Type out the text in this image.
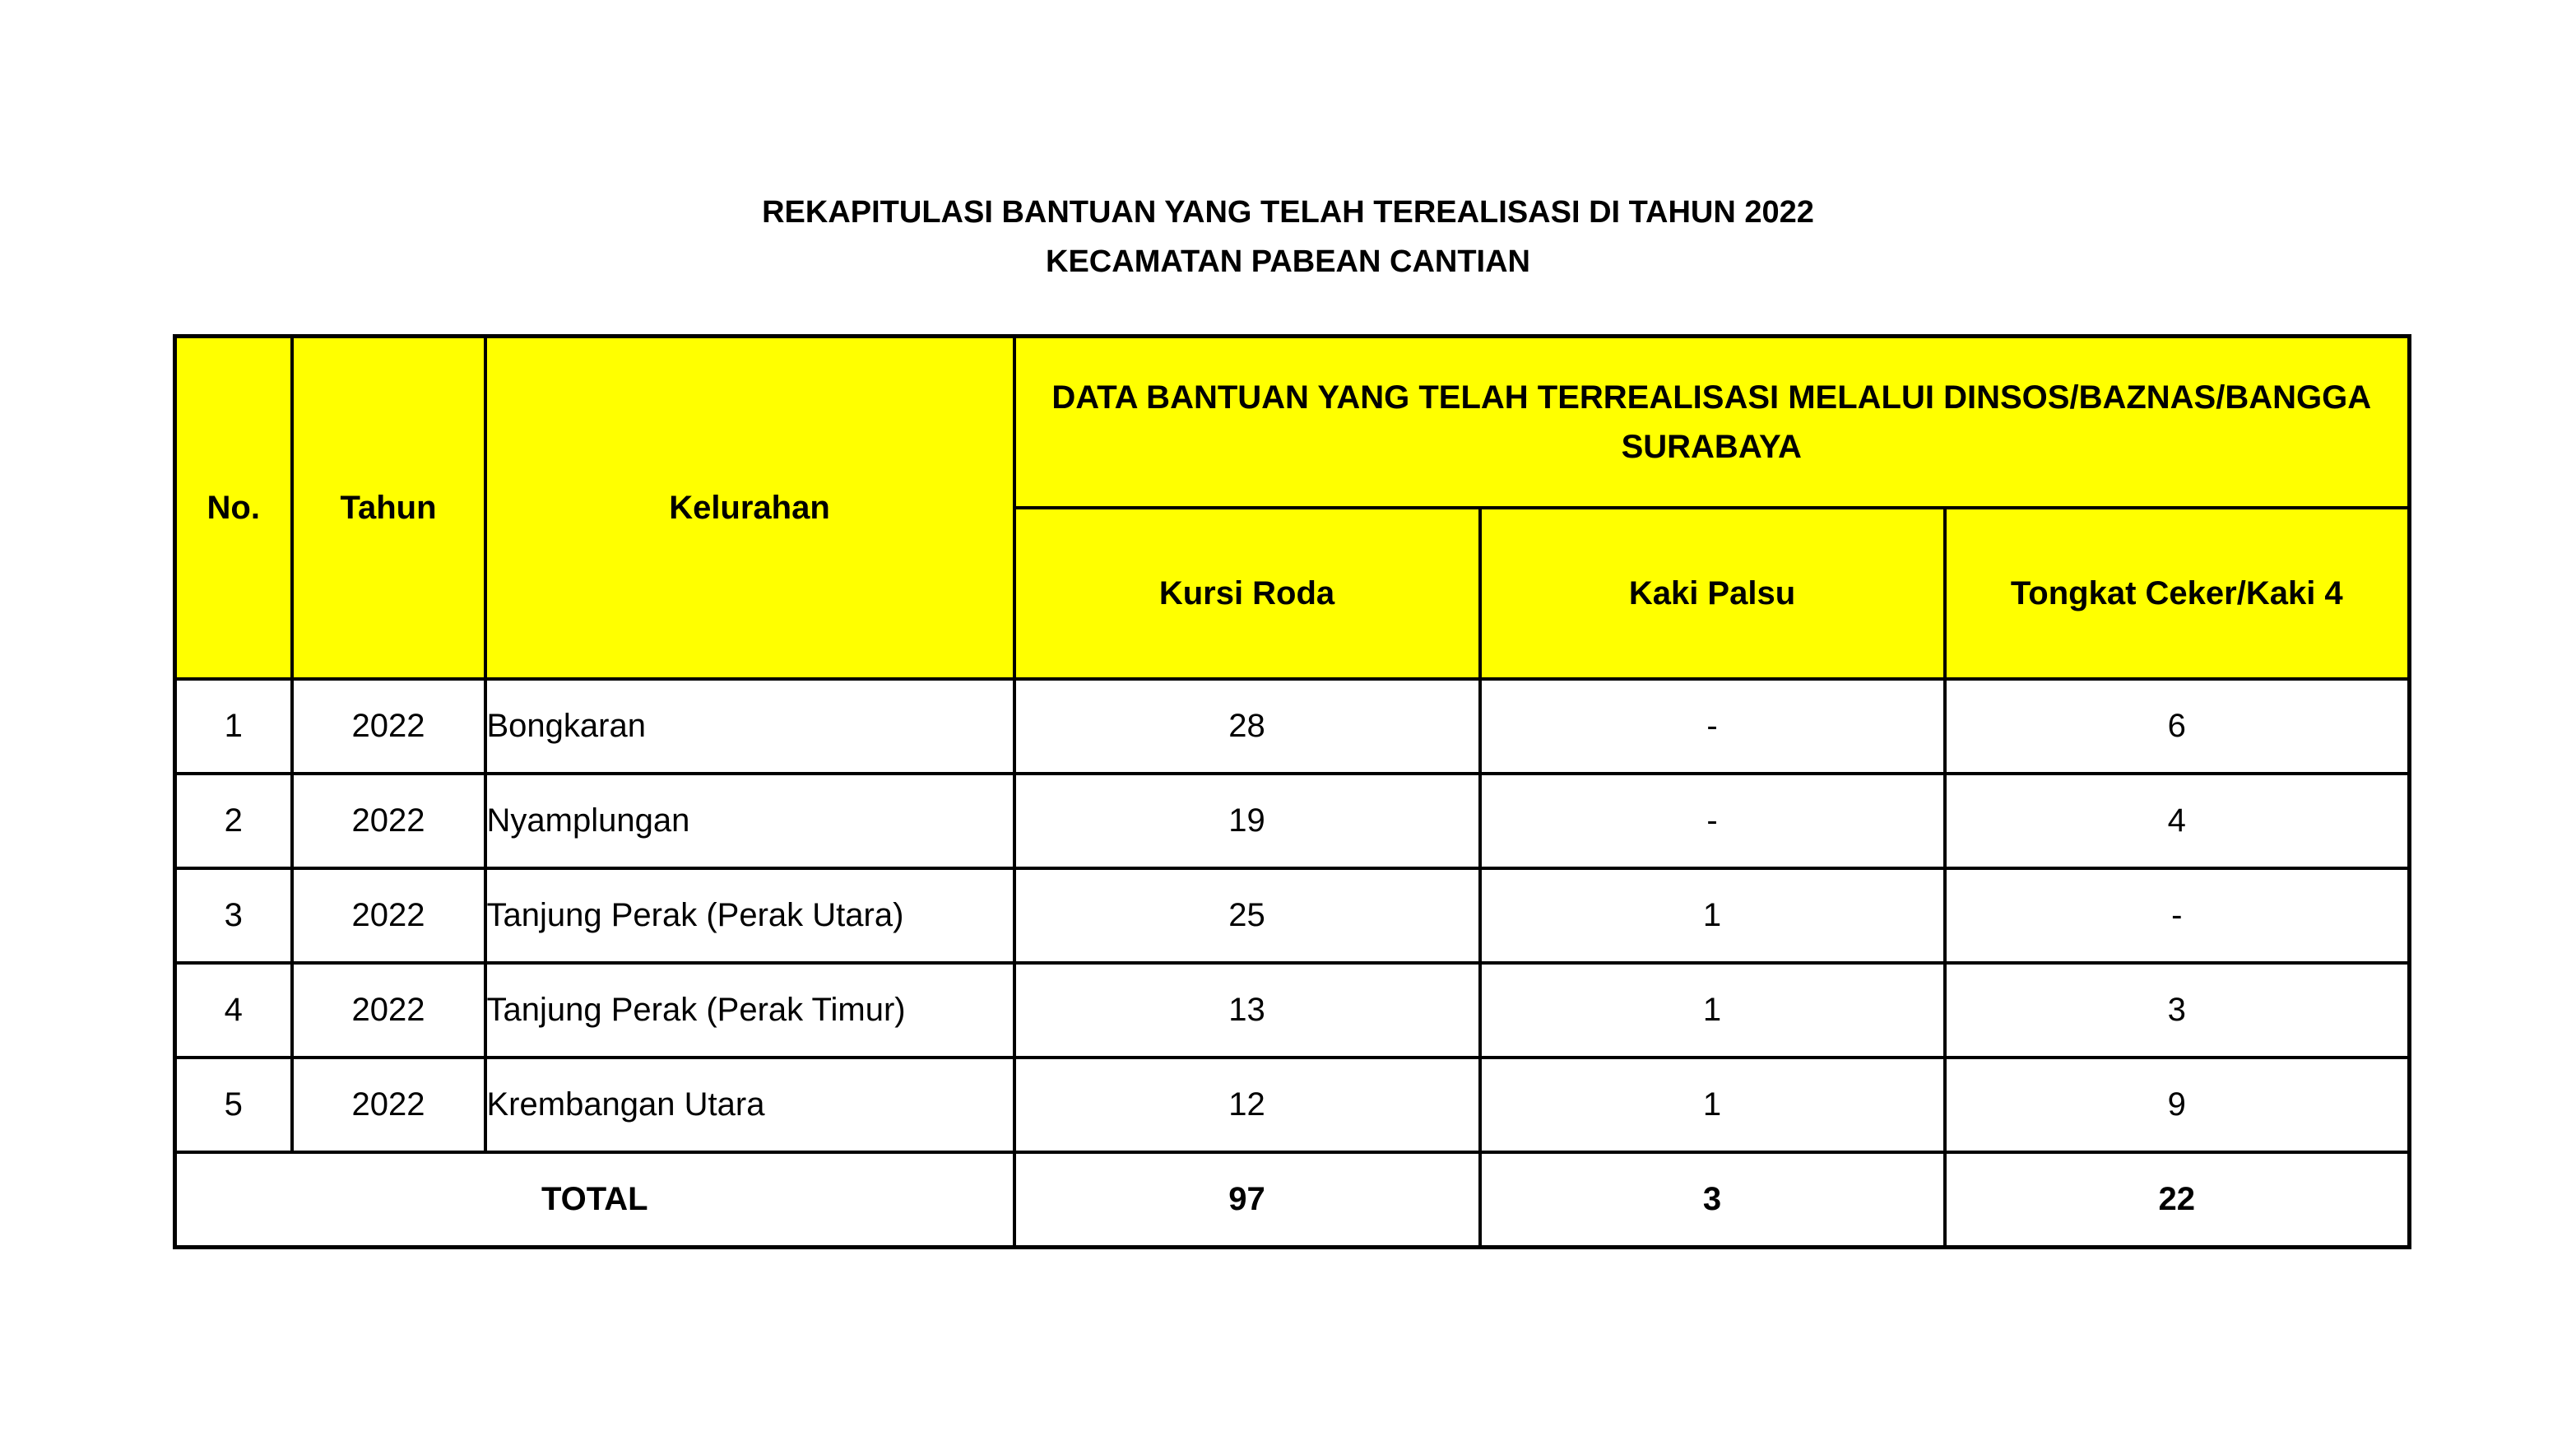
REKAPITULASI BANTUAN YANG TELAH TEREALISASI DI TAHUN 2022
KECAMATAN PABEAN CANTIAN
No.	Tahun	Kelurahan	DATA BANTUAN YANG TELAH TERREALISASI MELALUI DINSOS/BAZNAS/BANGGA SURABAYA		
			Kursi Roda	Kaki Palsu	Tongkat Ceker/Kaki 4
1	2022	Bongkaran	28	-	6
2	2022	Nyamplungan	19	-	4
3	2022	Tanjung Perak (Perak Utara)	25	1	-
4	2022	Tanjung Perak (Perak Timur)	13	1	3
5	2022	Krembangan Utara	12	1	9
TOTAL			97	3	22
